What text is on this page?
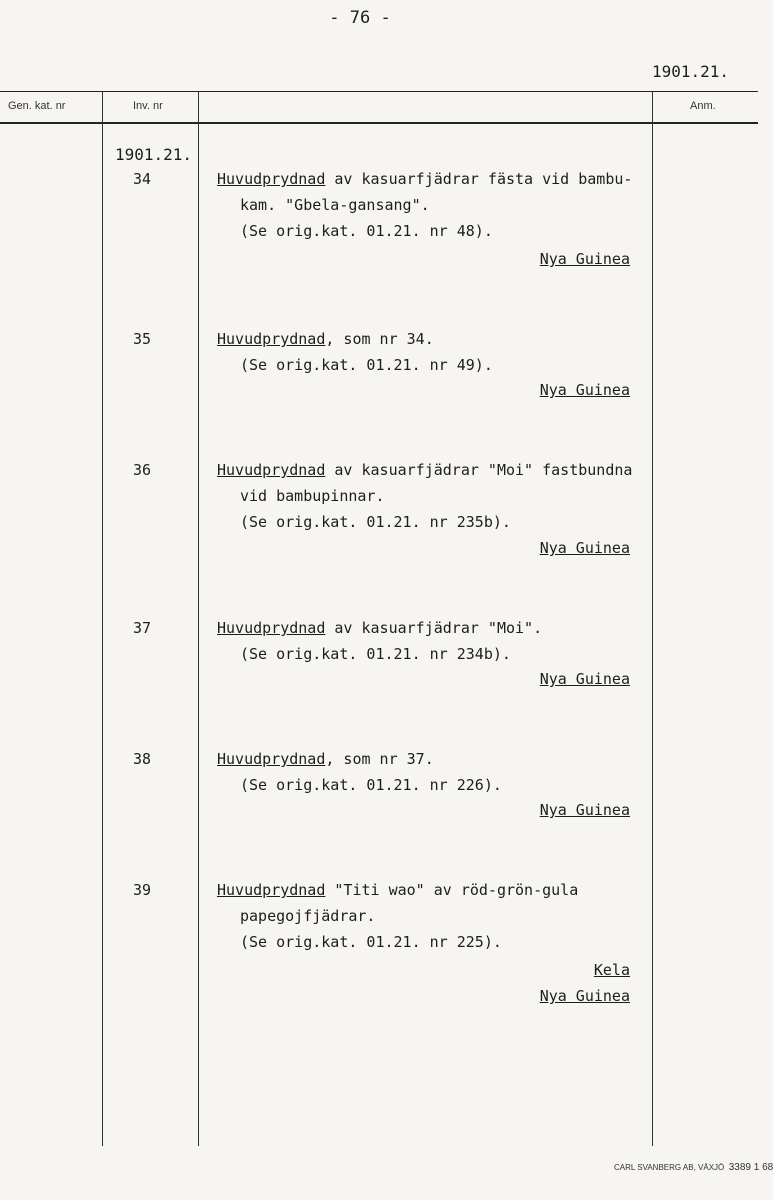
- 76 -
1901.21.
Gen. kat. nr	Inv. nr	Anm.
1901.21.
34	Huvudprydnad av kasuarfjädrar fästa vid bambu-
kam. "Gbela-gansang".
(Se orig.kat. 01.21. nr 48).
Nya Guinea
35	Huvudprydnad, som nr 34.
(Se orig.kat. 01.21. nr 49).
Nya Guinea
36	Huvudprydnad av kasuarfjädrar "Moi" fastbundna
vid bambupinnar.
(Se orig.kat. 01.21. nr 235b).
Nya Guinea
37	Huvudprydnad av kasuarfjädrar "Moi".
(Se orig.kat. 01.21. nr 234b).
Nya Guinea
38	Huvudprydnad, som nr 37.
(Se orig.kat. 01.21. nr 226).
Nya Guinea
39	Huvudprydnad "Titi wao" av röd-grön-gula
papegojfjädrar.
(Se orig.kat. 01.21. nr 225).
Kela
Nya Guinea
CARL SVANBERG AB, VÄXJÖ 3389 1 68
